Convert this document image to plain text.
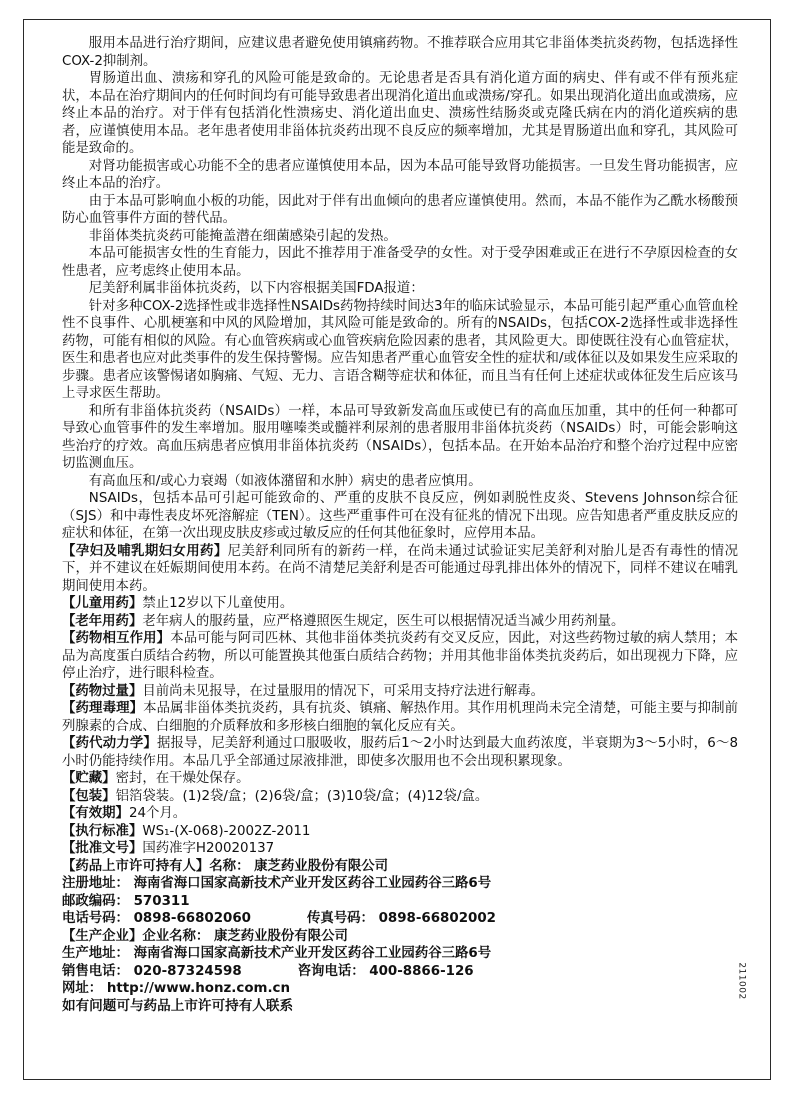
服用本品进行治疗期间，应建议患者避免使用镇痛药物。不推荐联合应用其它非甾体类抗炎药物，包括选择性COX-2抑制剂。

胃肠道出血、溃疡和穿孔的风险可能是致命的。无论患者是否具有消化道方面的病史、伴有或不伴有预兆症状，本品在治疗期间内的任何时间均有可能导致患者出现消化道出血或溃疡/穿孔。如果出现消化道出血或溃疡，应终止本品的治疗。对于伴有包括消化性溃疡史、消化道出血史、溃疡性结肠炎或克隆氏病在内的消化道疾病的患者，应谨慎使用本品。老年患者使用非甾体抗炎药出现不良反应的频率增加，尤其是胃肠道出血和穿孔，其风险可能是致命的。

对肾功能损害或心功能不全的患者应谨慎使用本品，因为本品可能导致肾功能损害。一旦发生肾功能损害，应终止本品的治疗。

由于本品可影响血小板的功能，因此对于伴有出血倾向的患者应谨慎使用。然而，本品不能作为乙酰水杨酸预防心血管事件方面的替代品。

非甾体类抗炎药可能掩盖潜在细菌感染引起的发热。

本品可能损害女性的生育能力，因此不推荐用于准备受孕的女性。对于受孕困难或正在进行不孕原因检查的女性患者，应考虑终止使用本品。

尼美舒利属非甾体抗炎药，以下内容根据美国FDA报道：

针对多种COX-2选择性或非选择性NSAIDs药物持续时间达3年的临床试验显示，本品可能引起严重心血管血栓性不良事件、心肌梗塞和中风的风险增加，其风险可能是致命的。所有的NSAIDs，包括COX-2选择性或非选择性药物，可能有相似的风险。有心血管疾病或心血管疾病危险因素的患者，其风险更大。即使既往没有心血管症状，医生和患者也应对此类事件的发生保持警惕。应告知患者严重心血管安全性的症状和/或体征以及如果发生应采取的步骤。患者应该警惕诸如胸痛、气短、无力、言语含糊等症状和体征，而且当有任何上述症状或体征发生后应该马上寻求医生帮助。

和所有非甾体抗炎药（NSAIDs）一样，本品可导致新发高血压或使已有的高血压加重，其中的任何一种都可导致心血管事件的发生率增加。服用噻嗪类或髓袢利尿剂的患者服用非甾体抗炎药（NSAIDs）时，可能会影响这些治疗的疗效。高血压病患者应慎用非甾体抗炎药（NSAIDs），包括本品。在开始本品治疗和整个治疗过程中应密切监测血压。

有高血压和/或心力衰竭（如液体潴留和水肿）病史的患者应慎用。

NSAIDs，包括本品可引起可能致命的、严重的皮肤不良反应，例如剥脱性皮炎、Stevens Johnson综合征（SJS）和中毒性表皮坏死溶解症（TEN）。这些严重事件可在没有征兆的情况下出现。应告知患者严重皮肤反应的症状和体征，在第一次出现皮肤皮疹或过敏反应的任何其他征象时，应停用本品。

【孕妇及哺乳期妇女用药】尼美舒利同所有的新药一样，在尚未通过试验证实尼美舒利对胎儿是否有毒性的情况下，并不建议在妊娠期间使用本药。在尚不清楚尼美舒利是否可能通过母乳排出体外的情况下，同样不建议在哺乳期间使用本药。

【儿童用药】禁止12岁以下儿童使用。

【老年用药】老年病人的服药量，应严格遵照医生规定，医生可以根据情况适当减少用药剂量。

【药物相互作用】本品可能与阿司匹林、其他非甾体类抗炎药有交叉反应，因此，对这些药物过敏的病人禁用；本品为高度蛋白质结合药物，所以可能置换其他蛋白质结合药物；并用其他非甾体类抗炎药后，如出现视力下降，应停止治疗，进行眼科检查。

【药物过量】目前尚未见报导，在过量服用的情况下，可采用支持疗法进行解毒。

【药理毒理】本品属非甾体类抗炎药，具有抗炎、镇痛、解热作用。其作用机理尚未完全清楚，可能主要与抑制前列腺素的合成、白细胞的介质释放和多形核白细胞的氧化反应有关。

【药代动力学】据报导，尼美舒利通过口服吸收，服药后1～2小时达到最大血药浓度，半衰期为3～5小时，6～8小时仍能持续作用。本品几乎全部通过尿液排泄，即使多次服用也不会出现积累现象。

【贮藏】密封，在干燥处保存。

【包装】铝箔袋装。(1)2袋/盒；(2)6袋/盒；(3)10袋/盒；(4)12袋/盒。

【有效期】24个月。

【执行标准】WS₁-(X-068)-2002Z-2011

【批准文号】国药准字H20020137

【药品上市许可持有人】名称： 康芝药业股份有限公司

注册地址： 海南省海口国家高新技术产业开发区药谷工业园药谷三路6号

邮政编码： 570311

电话号码： 0898-66802060	传真号码： 0898-66802002

【生产企业】企业名称： 康芝药业股份有限公司

生产地址： 海南省海口国家高新技术产业开发区药谷工业园药谷三路6号

销售电话： 020-87324598	咨询电话： 400-8866-126

网址： http://www.honz.com.cn

如有问题可与药品上市许可持有人联系

211002
